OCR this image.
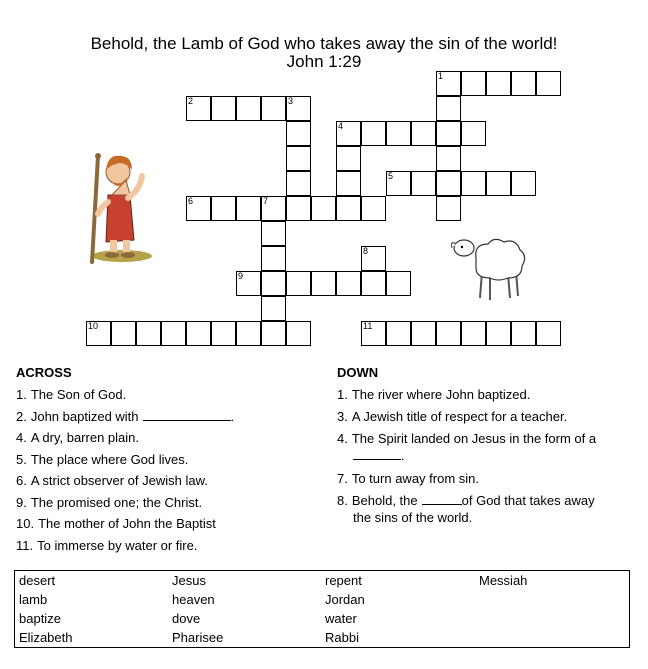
Behold, the Lamb of God who takes away the sin of the world!
John 1:29
1
2	3
4
5
6	7
9
8
10	11
ACROSS	DOWN
1. The Son of God.
2. John baptized with	.
4. A dry, barren plain.
5. The place where God lives.
6. A strict observer of Jewish law.
9. The promised one; the Christ.
10. The mother of John the Baptist
11. To immerse by water or fire.
1. The river where John baptized.
3. A Jewish title of respect for a teacher.
4. The Spirit landed on Jesus in the form of a
.
7. To turn away from sin.
8. Behold, the	of God that takes away
the sins of the world.
desert	Jesus	repent	Messiah
lamb	heaven	Jordan
baptize	dove	water
Elizabeth	Pharisee	Rabbi
